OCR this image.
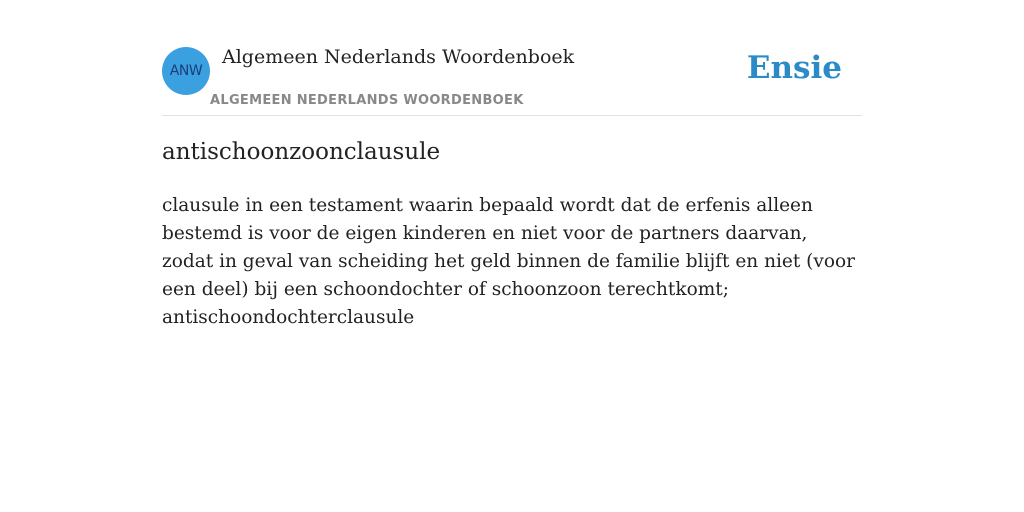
ANW
Algemeen Nederlands Woordenboek
ALGEMEEN NEDERLANDS WOORDENBOEK
Ensie
antischoonzoonclausule

clausule in een testament waarin bepaald wordt dat de erfenis alleen bestemd is voor de eigen kinderen en niet voor de partners daarvan, zodat in geval van scheiding het geld binnen de familie blijft en niet (voor een deel) bij een schoondochter of schoonzoon terechtkomt; antischoondochterclausule
